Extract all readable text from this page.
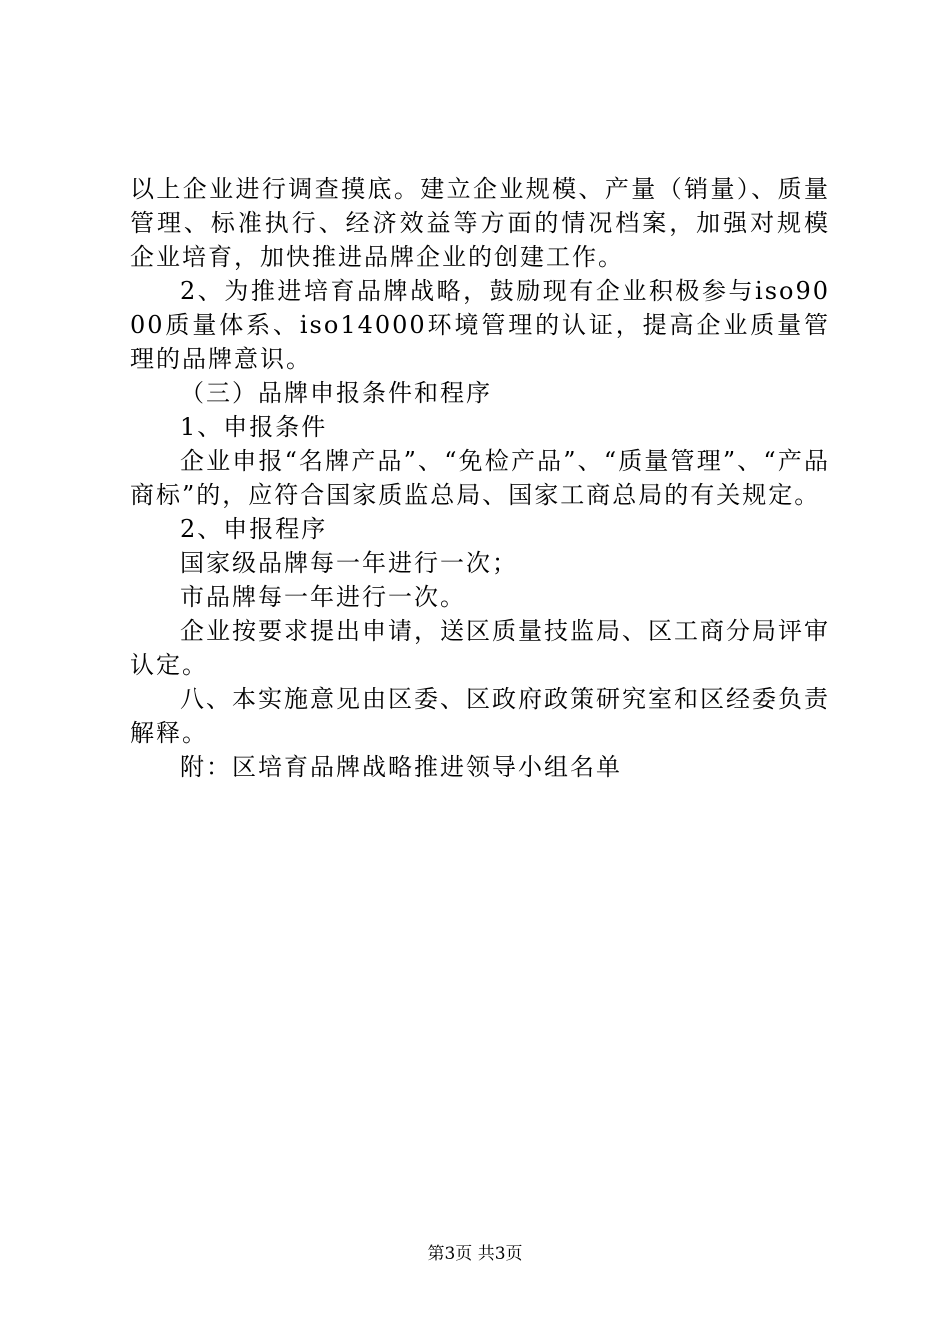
以上企业进行调查摸底。建立企业规模、产量（销量）、质量管理、标准执行、经济效益等方面的情况档案，加强对规模企业培育，加快推进品牌企业的创建工作。

2、为推进培育品牌战略，鼓励现有企业积极参与iso9000质量体系、iso14000环境管理的认证，提高企业质量管理的品牌意识。

（三）品牌申报条件和程序

1、申报条件

企业申报“名牌产品”、“免检产品”、“质量管理”、“产品商标”的，应符合国家质监总局、国家工商总局的有关规定。

2、申报程序

国家级品牌每一年进行一次；

市品牌每一年进行一次。

企业按要求提出申请，送区质量技监局、区工商分局评审认定。

八、本实施意见由区委、区政府政策研究室和区经委负责解释。

附：区培育品牌战略推进领导小组名单

第3页 共3页
